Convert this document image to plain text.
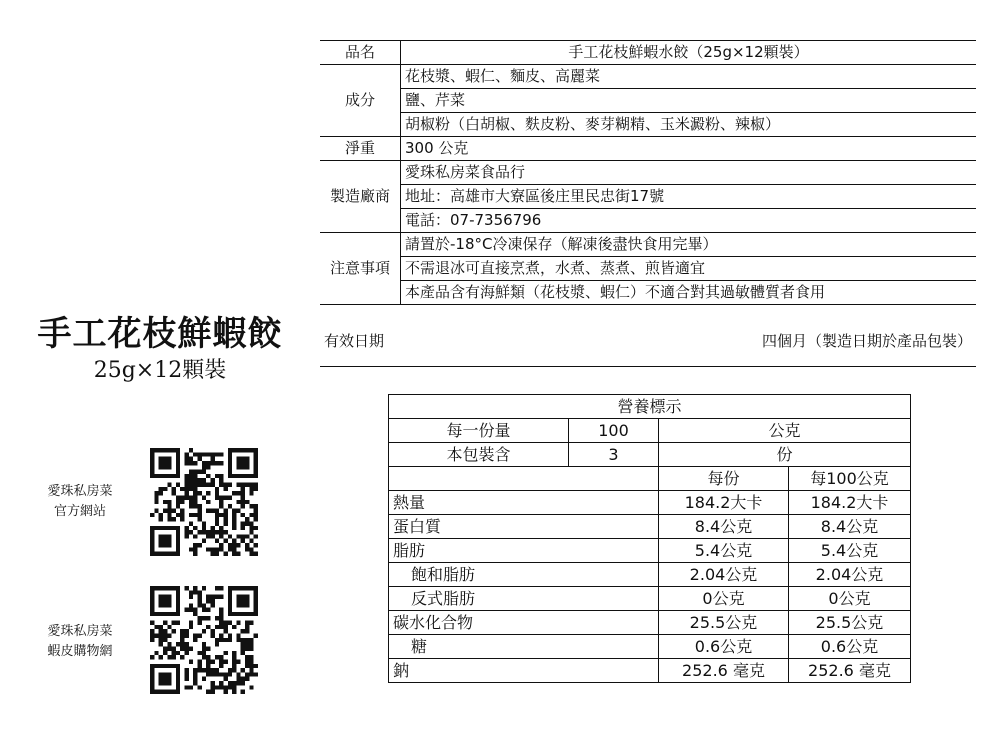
手工花枝鮮蝦餃
25g×12顆裝
愛珠私房菜
官方網站
愛珠私房菜
蝦皮購物網
品名	手工花枝鮮蝦水餃（25g×12顆裝）
成分	花枝漿、蝦仁、麵皮、高麗菜
	鹽、芹菜
	胡椒粉（白胡椒、麩皮粉、麥芽糊精、玉米澱粉、辣椒）
淨重	300 公克
製造廠商	愛珠私房菜食品行
	地址：高雄市大寮區後庄里民忠街17號
	電話：07-7356796
注意事項	請置於-18°C冷凍保存（解凍後盡快食用完畢）
	不需退冰可直接烹煮，水煮、蒸煮、煎皆適宜
	本產品含有海鮮類（花枝漿、蝦仁）不適合對其過敏體質者食用
有效日期	四個月（製造日期於產品包裝）
營養標示			
每一份量	100	公克	
本包裝含	3	份	
		每份	每100公克
熱量		184.2大卡	184.2大卡
蛋白質		8.4公克	8.4公克
脂肪		5.4公克	5.4公克
飽和脂肪		2.04公克	2.04公克
反式脂肪		0公克	0公克
碳水化合物		25.5公克	25.5公克
糖		0.6公克	0.6公克
鈉		252.6 毫克	252.6 毫克
